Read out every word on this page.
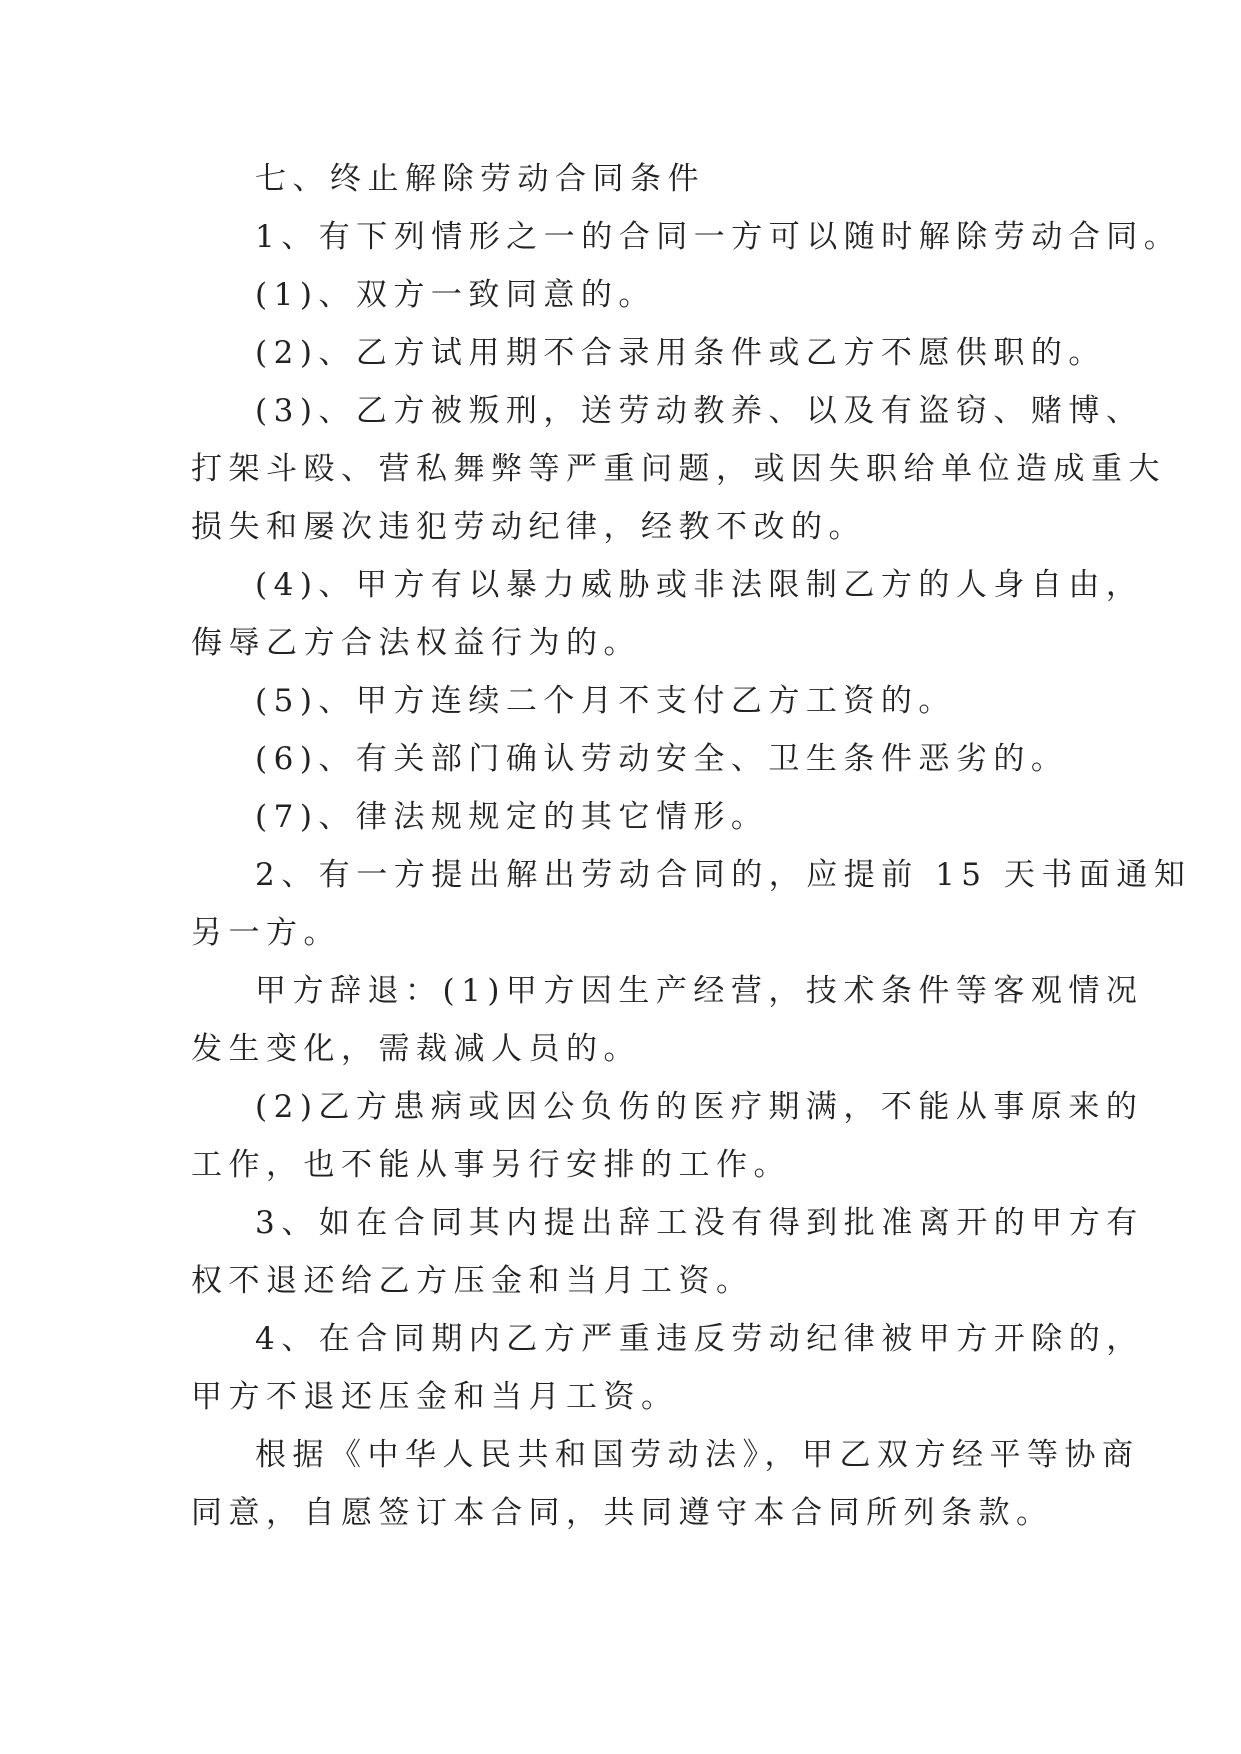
七、终止解除劳动合同条件

1、有下列情形之一的合同一方可以随时解除劳动合同。

(1)、双方一致同意的。

(2)、乙方试用期不合录用条件或乙方不愿供职的。

(3)、乙方被叛刑，送劳动教养、以及有盗窃、赌博、

打架斗殴、营私舞弊等严重问题，或因失职给单位造成重大

损失和屡次违犯劳动纪律，经教不改的。

(4)、甲方有以暴力威胁或非法限制乙方的人身自由，

侮辱乙方合法权益行为的。

(5)、甲方连续二个月不支付乙方工资的。

(6)、有关部门确认劳动安全、卫生条件恶劣的。

(7)、律法规规定的其它情形。

2、有一方提出解出劳动合同的，应提前 15 天书面通知

另一方。

甲方辞退：(1)甲方因生产经营，技术条件等客观情况

发生变化，需裁减人员的。

(2)乙方患病或因公负伤的医疗期满，不能从事原来的

工作，也不能从事另行安排的工作。

3、如在合同其内提出辞工没有得到批准离开的甲方有

权不退还给乙方压金和当月工资。

4、在合同期内乙方严重违反劳动纪律被甲方开除的，

甲方不退还压金和当月工资。

根据《中华人民共和国劳动法》，甲乙双方经平等协商

同意，自愿签订本合同，共同遵守本合同所列条款。
